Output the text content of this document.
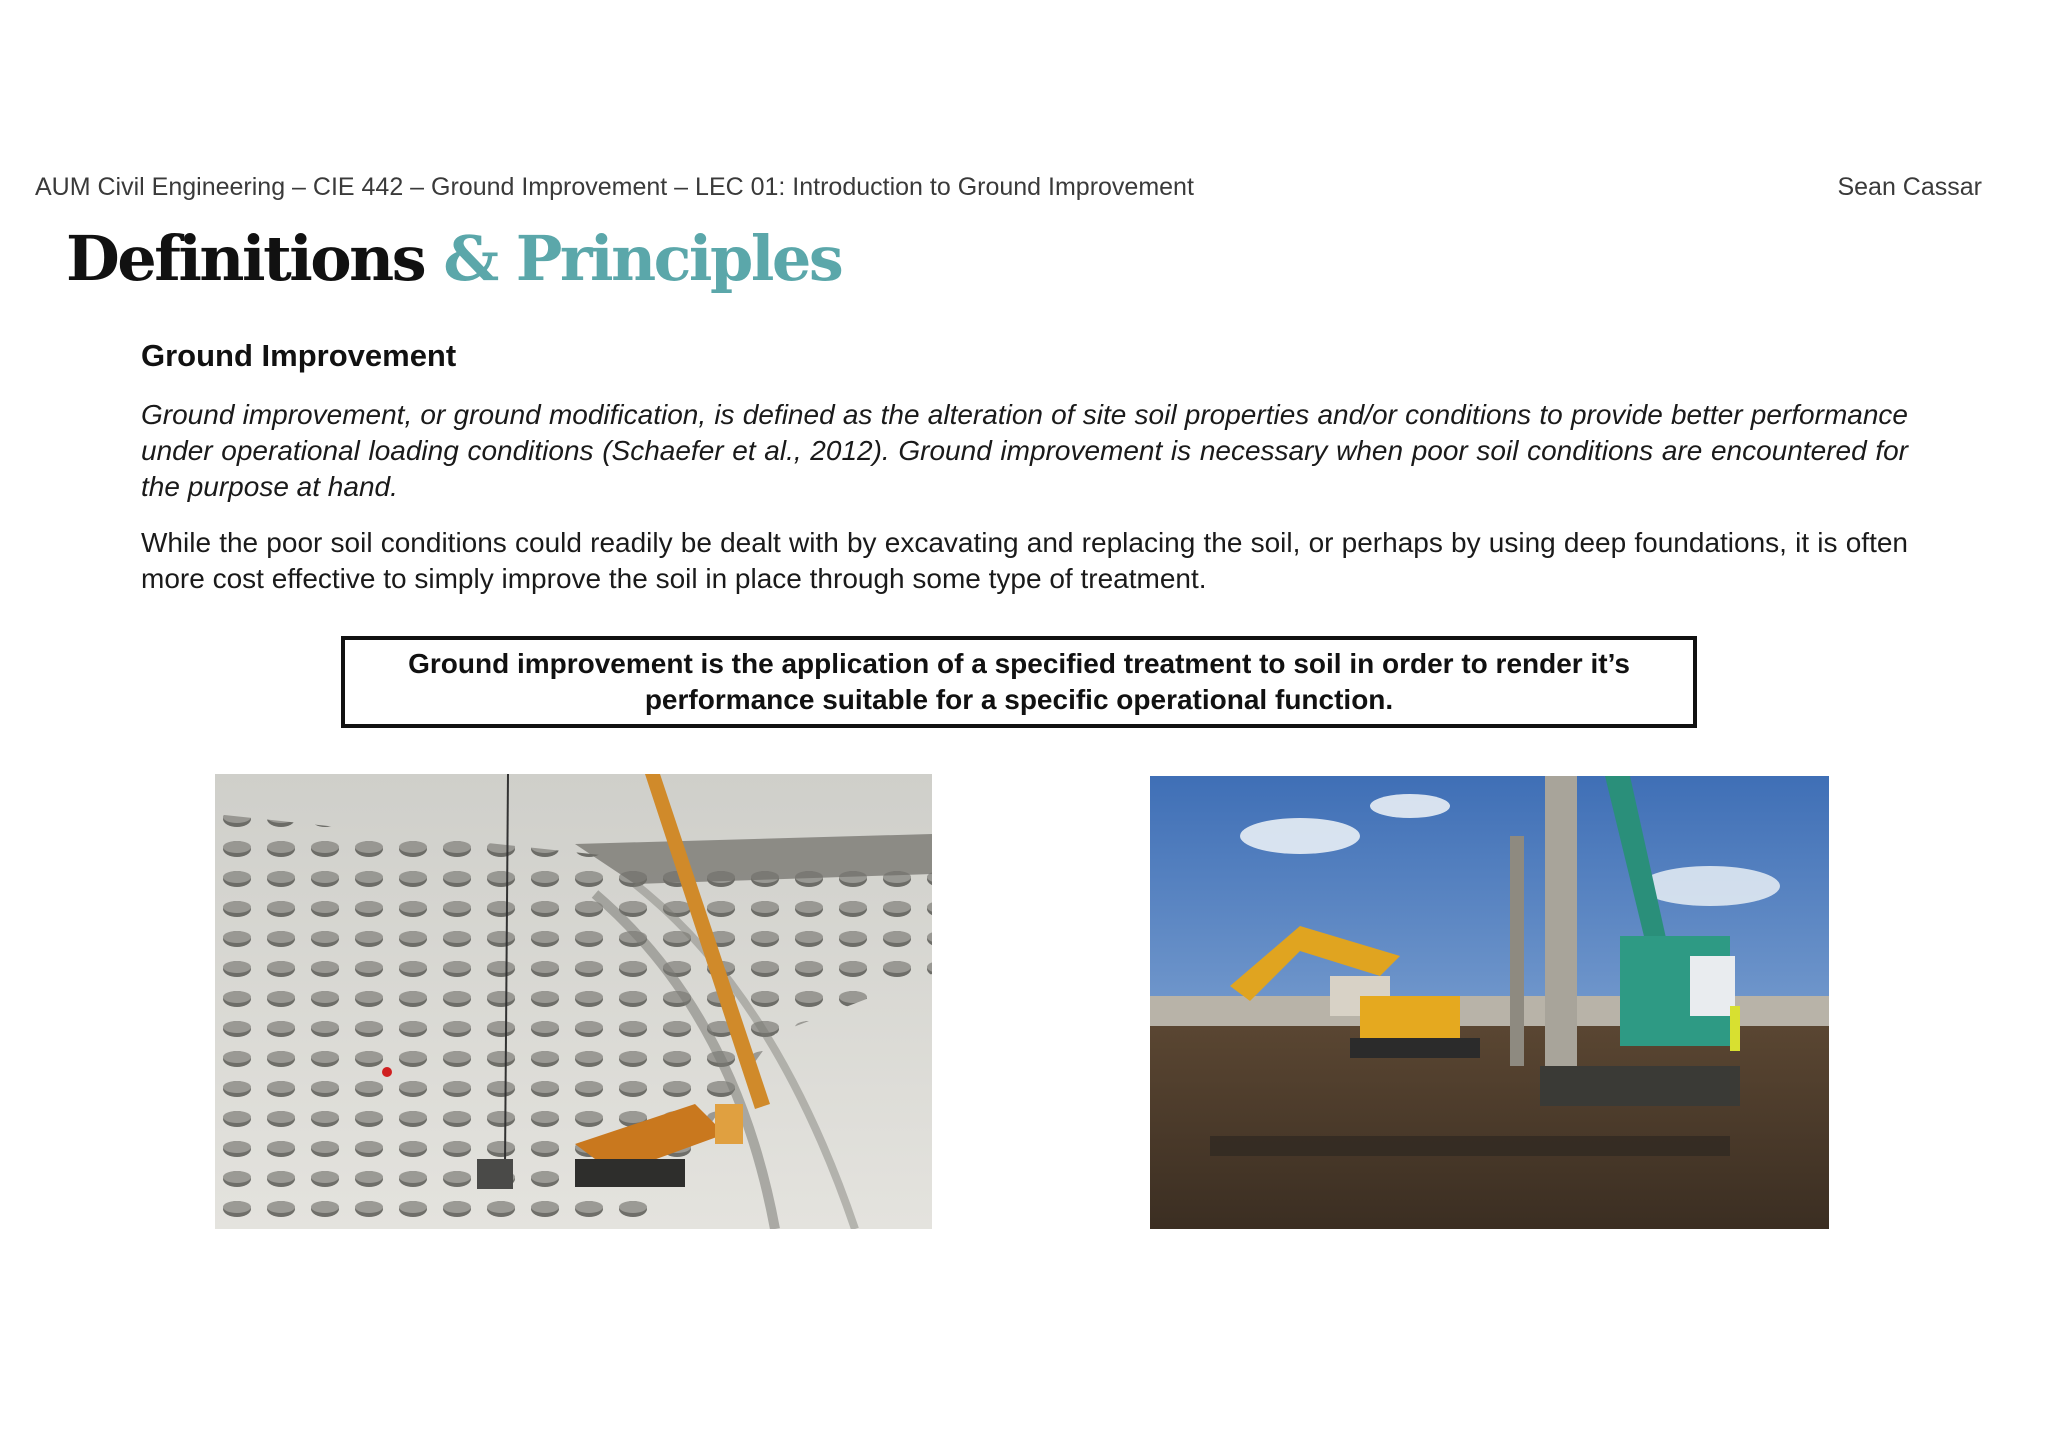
AUM Civil Engineering – CIE 442 – Ground Improvement – LEC 01: Introduction to Ground Improvement	Sean Cassar
Definitions & Principles
Ground Improvement

Ground improvement, or ground modification, is defined as the alteration of site soil properties and/or conditions to provide better performance under operational loading conditions (Schaefer et al., 2012). Ground improvement is necessary when poor soil conditions are encountered for the purpose at hand.

While the poor soil conditions could readily be dealt with by excavating and replacing the soil, or perhaps by using deep foundations, it is often more cost effective to simply improve the soil in place through some type of treatment.

Ground improvement is the application of a specified treatment to soil in order to render it’s performance suitable for a specific operational function.
